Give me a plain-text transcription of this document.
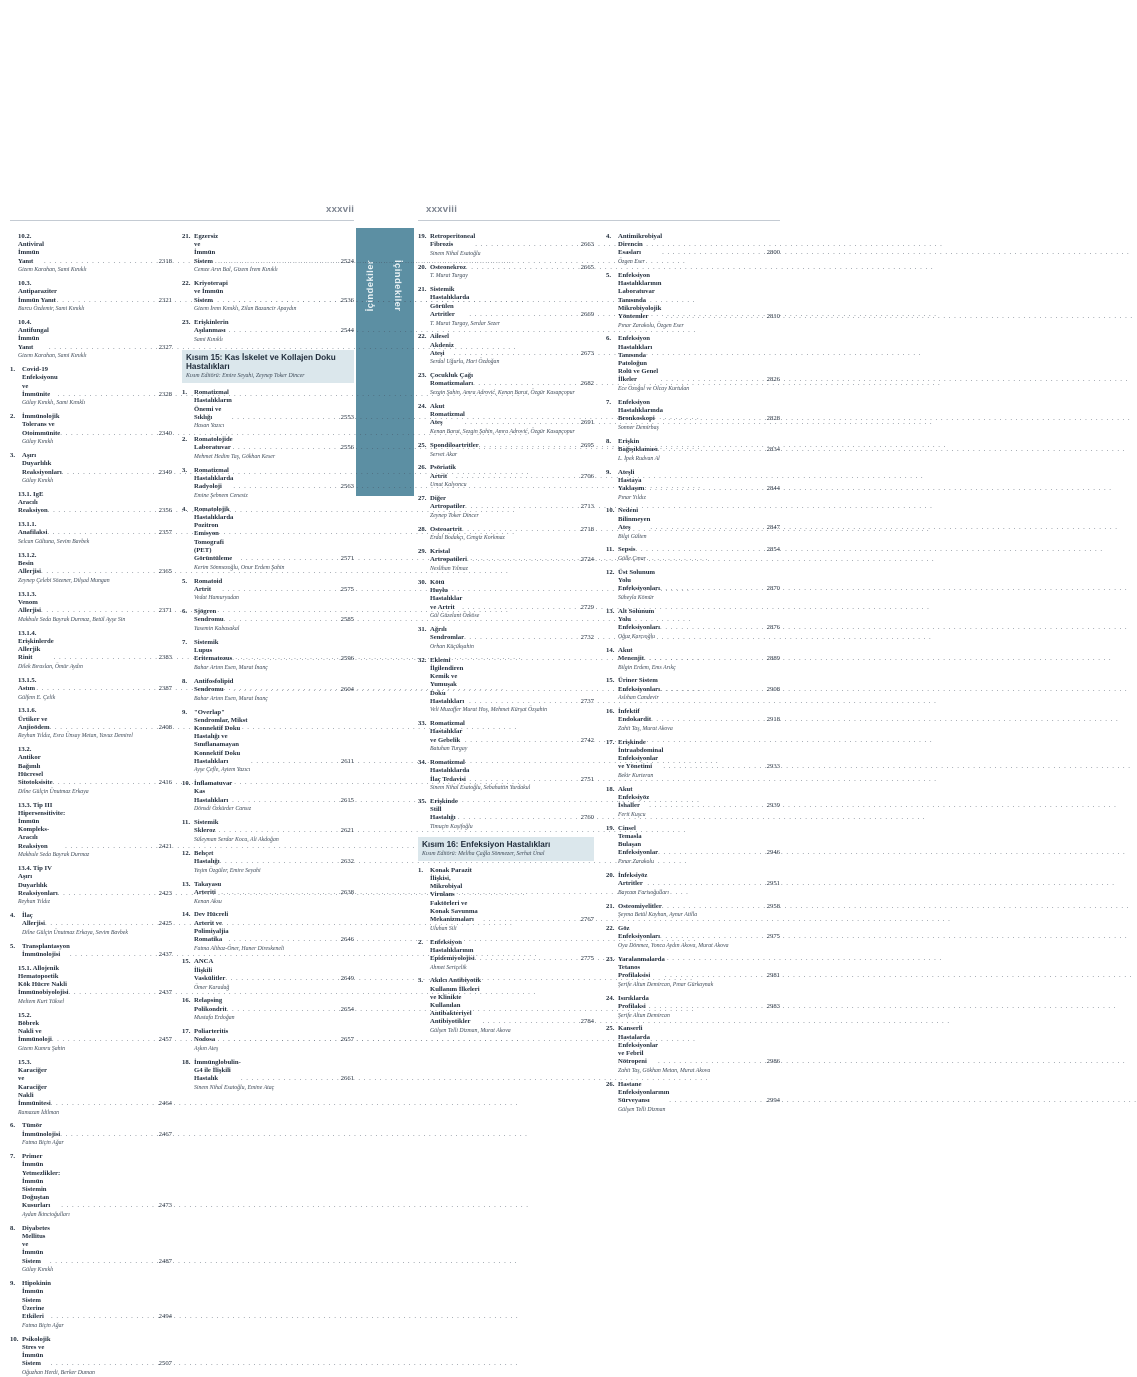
xxxvii	xxxviii
İçindekiler İçindekiler
10.2. Antiviral İmmün Yanıt . . .	2318
Gizem Karahan, Sami Kınıklı
10.3. Antiparaziter İmmün Yanıt . . .	2321
Burcu Özdemir, Sami Kınıklı
10.4. Antifungal İmmün Yanıt . . .	2327
Gizem Karahan, Sami Kınıklı
1.	Covid-19 Enfeksiyonu ve İmmünite . . .	2328
Gülay Kınıklı, Sami Kınıklı
2.	İmmünolojik Tolerans ve Otoimmünite . . .	2340
Gülay Kınıklı
3.	Aşırı Duyarlılık Reaksiyonları . . .	2349
Gülay Kınıklı
13.1. IgE Aracılı Reaksiyon . . .	2356
13.1.1. Anafilaksi . . .	2357
Selcan Gültuna, Sevim Bavbek
13.1.2. Besin Allerjisi . . .	2365
Zeynep Çelebi Sözener, Dilşad Mungan
13.1.3. Venom Allerjisi . . .	2371
Makbule Seda Bayrak Durmaz, Betül Ayşe Sin
13.1.4. Erişkinlerde Allerjik Rinit . . .	2383
Dilek Bıraslan, Ömür Aydın
13.1.5. Astım . . .	2387
Gülfem E. Çelik
13.1.6. Ürtiker ve Anjioödem . . .	2408
Reyhan Yıldız, Esra Ünsay Metan, Yavuz Demirel
13.2. Antikor Bağımlı Hücresel Sitotoksisite . . .	2416
Dilne Gülçin Ünutmaz Erkaya
13.3. Tip III Hipersensitivite: İmmün Kompleks-Aracılı Reaksiyon . . .	2421
Makbule Seda Bayrak Durmaz
13.4. Tip IV Aşırı Duyarlılık Reaksiyonları . . .	2423
Reyhan Yıldız
4.	İlaç Allerjisi . . .	2425
Dilne Gülçin Ünutmaz Erkaya, Sevim Bavbek
5.	Transplantasyon İmmünolojisi . . .	2437
15.1. Allojenik Hematopoetik Kök Hücre Nakli İmmünobiyolojisi . . .	2437
Meltem Kurt Yüksel
15.2. Böbrek Nakli ve İmmünoloji . . .	2457
Gizem Kumru Şahin
15.3. Karaciğer ve Karaciğer Nakli İmmünitesi . . .	2464
Ramazan İdilman
6.	Tümör İmmünolojisi . . .	2467
Fatma Biçin Ağar
7.	Primer İmmün Yetmezlikler: İmmün Sistemin Doğuştan Kusurları . . .	2473
Aydan İkincioğulları
8.	Diyabetes Mellitus ve İmmün Sistem . . .	2487
Gülay Kınıklı
9.	Hipokinin İmmün Sistem Üzerine Etkileri . . .	2494
Fatma Biçin Ağar
10. Psikolojik Stres ve İmmün Sistem . . .	2507
Oğuzhan Herdi, Berker Duman
21. Egzersiz ve İmmün Sistem . . .	2524
Cemze Arın Bal, Gizem İrem Kınıklı
22. Kriyoterapi ve İmmün Sistem . . .	2536
Gizem İrem Kınıklı, Zilan Bazancir Apaydın
23. Erişkinlerin Aşılanması . . .	2544
Sami Kınıklı
Kısım 15: Kas İskelet ve Kollajen Doku Hastalıkları
Kısım Editörü: Emire Seyahi, Zeynep Toker Dincer
1.	Romatizmal Hastalıkların Önemi ve Sıklığı . . .	2553
Hasan Yazıcı
2.	Romatolojide Laboratuvar . . .	2556
Mehmet Hedim Taş, Gökhan Keser
3.	Romatizmal Hastalıklarda Radyoloji . . .	2563
Emine Şebnem Cenesiz
4.	Romatolojik Hastalıklarda Pozitron Emisyon Tomografi (PET) Görüntüleme . . .	2571
Kerim Sönmezoğlu, Onur Erdem Şahin
5.	Romatoid Artrit . . .	2575
Vedat Hamuryudan
6.	Sjögren Sendromu . . .	2585
Yasemin Kabasakal
7.	Sistemik Lupus Eritematozus . . .	2596
Bahar Artım Esen, Murat İnanç
8.	Antifosfolipid Sendromu . . .	2604
Bahar Artım Esen, Murat İnanç
9.	"Overlap" Sendromlar, Mikst Konnektif Doku Hastalığı ve Sınıflanamayan Konnektif Doku Hastalıkları . . .	2611
Ayşe Çefle, Aytem Yazıcı
10. İnflamatuvar Kas Hastalıkları . . .	2615
Dönsdi Özkürder Cansız
11. Sistemik Skleroz . . .	2621
Süleyman Serdar Koca, Ali Akdoğan
12. Behçet Hastalığı . . .	2632
Yeşim Özgüler, Emire Seyahi
13. Takayasu Arteriti . . .	2638
Kenan Aksu
14. Dev Hücreli Arterit ve Polimiyaljia Romatika . . .	2646
Fatma Alibaz-Öner, Haner Direskeneli
15. ANCA İlişkili Vaskülitler . . .	2649
Ömer Karadağ
16. Relapsing Polikondrit . . .	2654
Mustafa Erdoğan
17. Poliarteritis Nodosa . . .	2657
Aşkın Ateş
18. İmmünglobulin-G4 ile İlişkili Hastalık . . .	2661
Sinem Nihal Esatoğlu, Emine Ataç
19. Retroperitoneal Fibrozis . . .	2663
Sinem Nihal Esatoğlu
20. Osteonekroz . . .	2665
T. Murat Turgay
21. Sistemik Hastalıklarda Görülen Artritler . . .	2669
T. Murat Turgay, Serdar Sezer
22. Ailesel Akdeniz Ateşi . . .	2673
Serdal Uğurlu, Hari Özdoğan
23. Çocukluk Çağı Romatizmaları . . .	2682
Sezgin Şahin, Amra Adrović, Kenan Barut, Özgür Kasapçopur
24. Akut Romatizmal Ateş . . .	2691
Kenan Barut, Sezgin Şahin, Amra Adrović, Özgür Kasapçopur
25. Spondiloartritler . . .	2695
Servet Akar
26. Psöriatik Artrit . . .	2706
Umut Kalyoncu
27. Diğer Artropatiler . . .	2713
Zeynep Toker Dincer
28. Osteoartrit . . .	2718
Erdal Bodakçı, Cengiz Korkmaz
29. Kristal Artropatileri . . .	2724
Neslihan Yılmaz
30. Kötü Huylu Hastalıklar ve Artrit . . .	2729
Gül Güzelant Özköse
31. Ağrılı Sendromlar . . .	2732
Orhan Küçükşahin
32. Eklemi İlgilendiren Kemik ve Yumuşak Doku Hastalıkları . . .	2737
Veli Muzaffer Murat Hoş, Mehmet Kürşat Özşahin
33. Romatizmal Hastalıklar ve Gebelik . . .	2742
Batuhan Turgay
34. Romatizmal Hastalıklarda İlaç Tedavisi . . .	2751
Sinem Nihal Esatoğlu, Sebahattin Yurdakul
35. Erişkinde Still Hastalığı . . .	2760
Timuçin Kaşifoğlu
Kısım 16: Enfeksiyon Hastalıkları
Kısım Editörü: Meliha Çağla Sönmezer, Serhat Ünal
1.	Konak Parazit İlişkisi, Mikrobiyal Virulans Faktörleri ve Konak Savunma Mekanizmaları . . .	2767
Uluhan Sili
2.	Enfeksiyon Hastalıklarının Epidemiyolojisi . . .	2775
Ahmet Sertçelik
3.	Akılcı Antibiyotik Kullanım İlkeleri ve Klinikte Kullanılan Antibakteriyel Antibiyotikler . . .	2784
Gülşen Telli Dizman, Murat Akova
4.	Antimikrobiyal Direncin Esasları . . .	2800
Özgen Eser
5.	Enfeksiyon Hastalıklarının Laboratuvar Tanısında Mikrobiyolojik Yöntemler . . .	2810
Pınar Zarakolu, Özgen Eser
6.	Enfeksiyon Hastalıkları Tanısında Patoloğun Rolü ve Genel İlkeler . . .	2826
Ece Özoğul ve Olcay Kurtulan
7.	Enfeksiyon Hastalıklarında Bronkoskopi . . .	2828
Sonner Demirbaş
8.	Erişkin Bağışıklaması . . .	2834
L. İpek Rudvan Al
9.	Ateşli Hastaya Yaklaşım . . .	2844
Pınar Yıldız
10. Nedeni Bilinmeyen Ateş . . .	2847
Bilgi Gülten
11. Sepsis . . .	2854
Gülle Çınar
12. Üst Solunum Yolu Enfeksiyonları . . .	2870
Süheyla Kömür
13. Alt Solunum Yolu Enfeksiyonları . . .	2876
Oğuz Karcıoğlu
14. Akut Menenjit . . .	2889
Bilgin Erdem, Ems Arıkç
15. Üriner Sistem Enfeksiyonları . . .	2908
Aslıhan Candevir
16. İnfektif Endokardit . . .	2918
Zahit Taş, Murat Akova
17. Erişkinde İntraabdominal Enfeksiyonlar ve Yönetimi . . .	2933
Bekir Kurteran
18. Akut Enfeksiyöz İshaller . . .	2939
Ferit Kuşcu
19. Cinsel Temasla Bulaşan Enfeksiyonlar . . .	2946
Pınar Zarakolu
20. İnfeksiyöz Artritler . . .	2951
Bayram Farisoğulları
21. Osteomiyelitler . . .	2958
Şeyma Betül Kayhan, Aynur Atilla
22. Göz Enfeksiyonları . . .	2975
Oya Dönmez, Yonca Aydın Akova, Murat Akova
23. Yaralanmalarda Tetanos Profilaksisi . . .	2981
Şerife Altun Demircan, Pınar Gürkaynak
24. Isırıklarda Profilaksi . . .	2983
Şerife Altun Demircan
25. Kanserli Hastalarda Enfeksiyonlar ve Febril Nötropeni . . .	2986
Zahit Taş, Gökhan Metan, Murat Akova
26. Hastane Enfeksiyonlarının Sürveyansı . . .	2994
Gülşen Telli Dizman
